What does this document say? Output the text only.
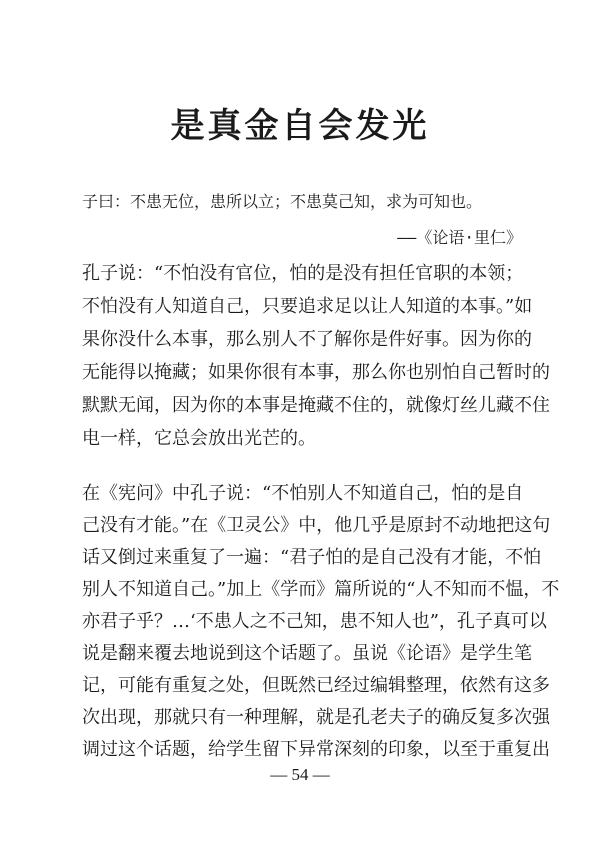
是真金自会发光
子曰：不患无位，患所以立；不患莫己知，求为可知也。
——《论语·里仁》
孔子说：“不怕没有官位，怕的是没有担任官职的本领；
不怕没有人知道自己，只要追求足以让人知道的本事。”如
果你没什么本事，那么别人不了解你是件好事。因为你的
无能得以掩藏；如果你很有本事，那么你也别怕自己暂时的
默默无闻，因为你的本事是掩藏不住的，就像灯丝儿藏不住
电一样，它总会放出光芒的。
在《宪问》中孔子说：“不怕别人不知道自己，怕的是自
己没有才能。”在《卫灵公》中，他几乎是原封不动地把这句
话又倒过来重复了一遍：“君子怕的是自己没有才能，不怕
别人不知道自己。”加上《学而》篇所说的“人不知而不愠，不
亦君子乎？…‘不患人之不己知，患不知人也”，孔子真可以
说是翻来覆去地说到这个话题了。虽说《论语》是学生笔
记，可能有重复之处，但既然已经过编辑整理，依然有这多
次出现，那就只有一种理解，就是孔老夫子的确反复多次强
调过这个话题，给学生留下异常深刻的印象，以至于重复出
— 54 —
